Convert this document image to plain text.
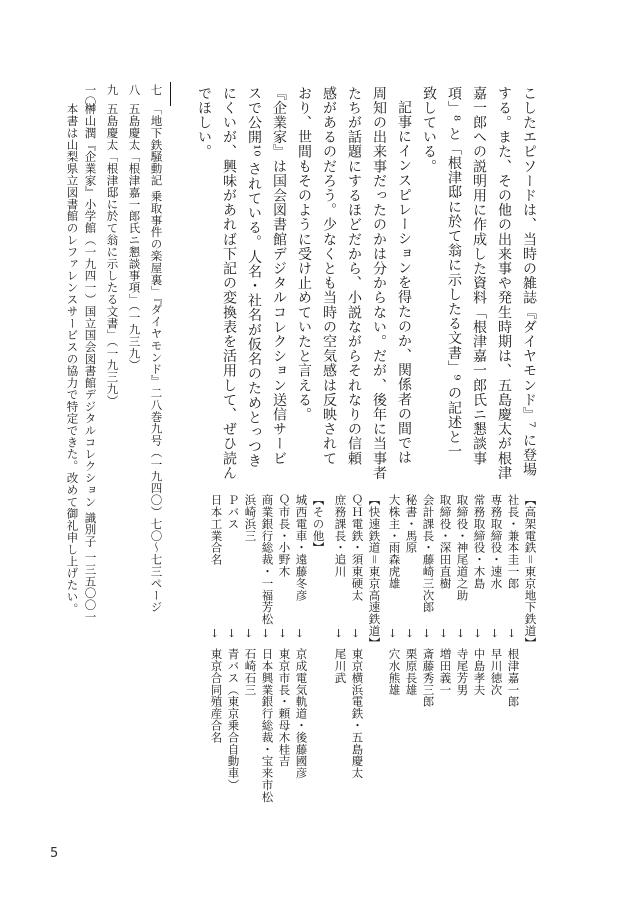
こしたエピソードは、当時の雑誌『ダイヤモンド』⁷ に登場
する。また、その他の出来事や発生時期は、五島慶太が根津
嘉一郎への説明用に作成した資料「根津嘉一郎氏ニ懇談事
項」⁸ と「根津邸に於て翁に示したる文書」⁹ の記述と一
致している。
記事にインスピレーションを得たのか、関係者の間では
周知の出来事だったのかは分からない。だが、後年に当事者
たちが話題にするほどだから、小説ながらそれなりの信頼
感があるのだろう。少なくとも当時の空気感は反映されて
おり、世間もそのように受け止めていたと言える。
『企業家』は国会図書館デジタルコレクション送信サービ
スで公開¹⁰ されている。人名・社名が仮名のためとっつき
にくいが、興味があれば下記の変換表を活用して、ぜひ読ん
でほしい。
【高架電鉄＝東京地下鉄道】
社長・兼本圭一郎
↓
根津嘉一郎
専務取締役・速水
↓
早川徳次
常務取締役・木島
↓
中島孝夫
取締役・神尾道之助
↓
寺尾芳男
取締役・深田直樹
↓
増田義一
会計課長・藤崎三次郎
↓
斎藤秀三郎
秘書・馬原
↓
栗原長雄
大株主・雨森虎雄
↓
穴水熊雄
【快速鉄道＝東京高速鉄道】
ＱＨ電鉄・須東硬太
↓
東京横浜電鉄・五島慶太
庶務課長・追川
↓
尾川武
【その他】
城西電車・遠藤冬彦
↓
京成電気軌道・後藤國彦
Ｑ市長・小野木
↓
東京市長・頼母木桂吉
商業銀行総裁・一福芳松
↓
日本興業銀行総裁・宝来市松
浜崎浜三
↓
石崎石三
Ｐバス
↓
青バス（東京乗合自動車）
日本工業合名
↓
東京合同殖産合名
七
「地下鉄騒動記 乗取事件の楽屋裏」『ダイヤモンド』二八巻九号（一九四〇）七〇〜七三ページ
八
五島慶太「根津嘉一郎氏ニ懇談事項」（一九三九）
九
五島慶太「根津邸に於て翁に示したる文書」（一九三九）
一〇
榊山潤『企業家』小学館（一九四一）国立国会図書館デジタルコレクション 識別子 一三五〇〇一
本書は山梨県立図書館のレファレンスサービスの協力で特定できた。改めて御礼申し上げたい。
5
